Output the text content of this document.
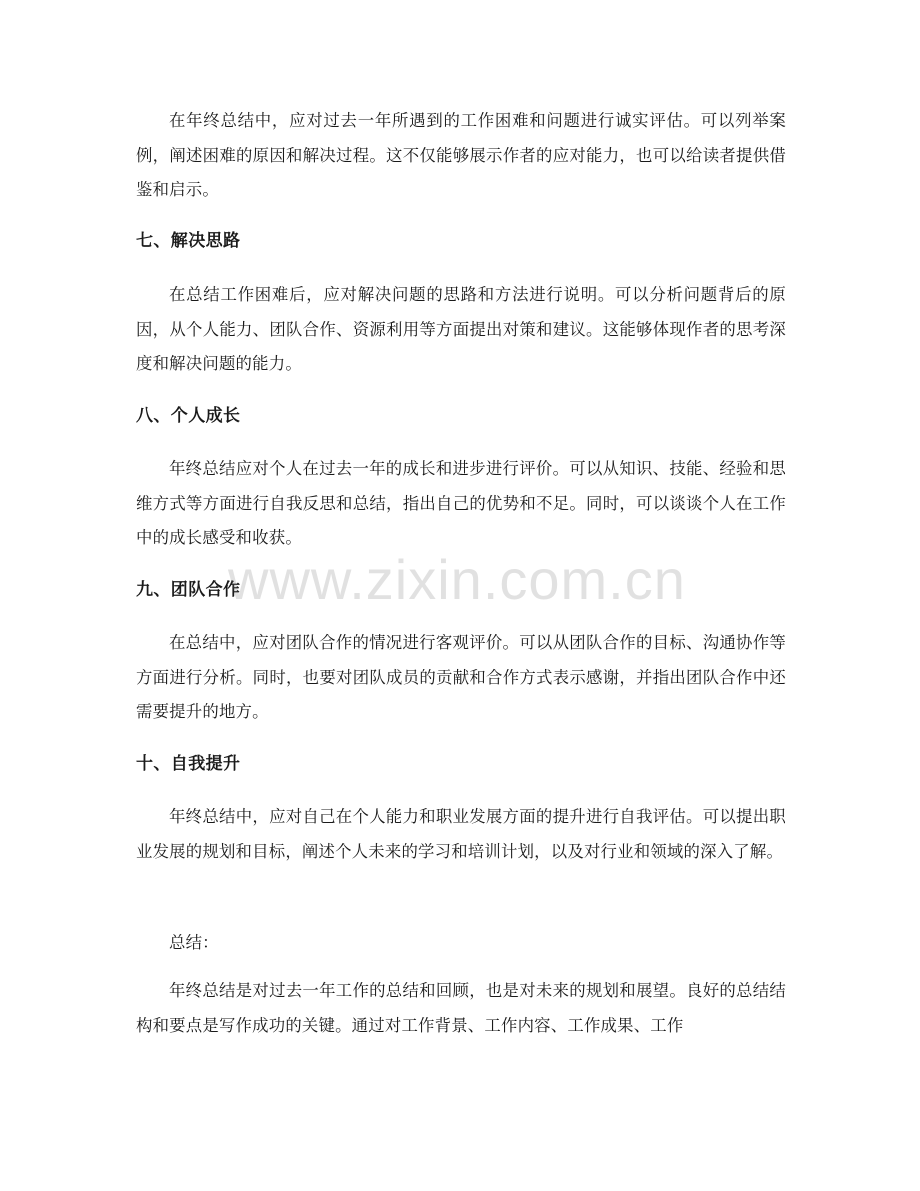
在年终总结中，应对过去一年所遇到的工作困难和问题进行诚实评估。可以列举案例，阐述困难的原因和解决过程。这不仅能够展示作者的应对能力，也可以给读者提供借鉴和启示。

七、解决思路

在总结工作困难后，应对解决问题的思路和方法进行说明。可以分析问题背后的原因，从个人能力、团队合作、资源利用等方面提出对策和建议。这能够体现作者的思考深度和解决问题的能力。

八、个人成长

年终总结应对个人在过去一年的成长和进步进行评价。可以从知识、技能、经验和思维方式等方面进行自我反思和总结，指出自己的优势和不足。同时，可以谈谈个人在工作中的成长感受和收获。

九、团队合作

在总结中，应对团队合作的情况进行客观评价。可以从团队合作的目标、沟通协作等方面进行分析。同时，也要对团队成员的贡献和合作方式表示感谢，并指出团队合作中还需要提升的地方。

十、自我提升

年终总结中，应对自己在个人能力和职业发展方面的提升进行自我评估。可以提出职业发展的规划和目标，阐述个人未来的学习和培训计划，以及对行业和领域的深入了解。

总结：

年终总结是对过去一年工作的总结和回顾，也是对未来的规划和展望。良好的总结结构和要点是写作成功的关键。通过对工作背景、工作内容、工作成果、工作

www.zixin.com.cn
